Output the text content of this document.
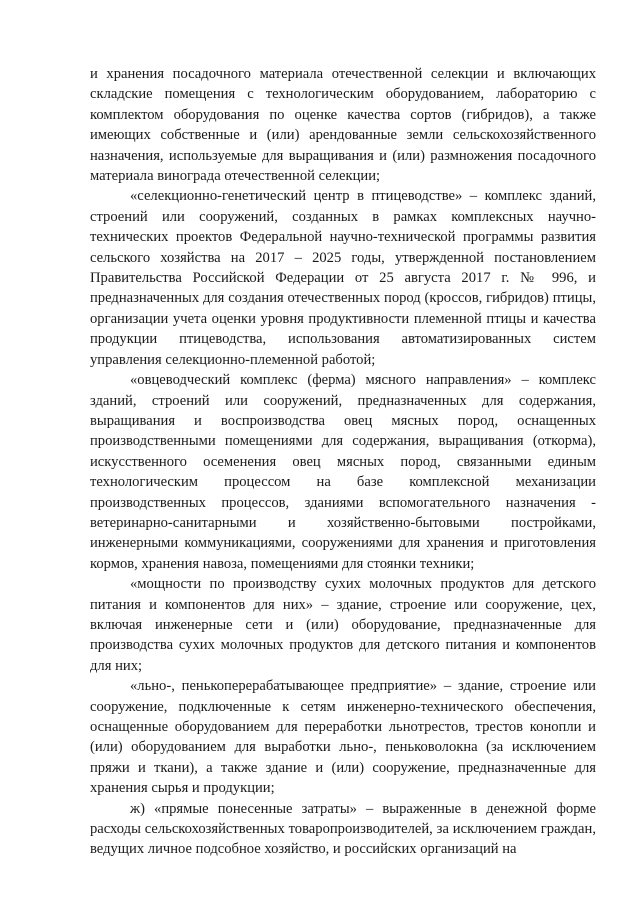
и хранения посадочного материала отечественной селекции и включающих складские помещения с технологическим оборудованием, лабораторию с комплектом оборудования по оценке качества сортов (гибридов), а также имеющих собственные и (или) арендованные земли сельскохозяйственного назначения, используемые для выращивания и (или) размножения посадочного материала винограда отечественной селекции;

«селекционно-генетический центр в птицеводстве» – комплекс зданий, строений или сооружений, созданных в рамках комплексных научно-технических проектов Федеральной научно-технической программы развития сельского хозяйства на 2017 – 2025 годы, утвержденной постановлением Правительства Российской Федерации от 25 августа 2017 г. № 996, и предназначенных для создания отечественных пород (кроссов, гибридов) птицы, организации учета оценки уровня продуктивности племенной птицы и качества продукции птицеводства, использования автоматизированных систем управления селекционно-племенной работой;

«овцеводческий комплекс (ферма) мясного направления» – комплекс зданий, строений или сооружений, предназначенных для содержания, выращивания и воспроизводства овец мясных пород, оснащенных производственными помещениями для содержания, выращивания (откорма), искусственного осеменения овец мясных пород, связанными единым технологическим процессом на базе комплексной механизации производственных процессов, зданиями вспомогательного назначения - ветеринарно-санитарными и хозяйственно-бытовыми постройками, инженерными коммуникациями, сооружениями для хранения и приготовления кормов, хранения навоза, помещениями для стоянки техники;

«мощности по производству сухих молочных продуктов для детского питания и компонентов для них» – здание, строение или сооружение, цех, включая инженерные сети и (или) оборудование, предназначенные для производства сухих молочных продуктов для детского питания и компонентов для них;

«льно-, пенькоперерабатывающее предприятие» – здание, строение или сооружение, подключенные к сетям инженерно-технического обеспечения, оснащенные оборудованием для переработки льнотрестов, трестов конопли и (или) оборудованием для выработки льно-, пеньковолокна (за исключением пряжи и ткани), а также здание и (или) сооружение, предназначенные для хранения сырья и продукции;

ж) «прямые понесенные затраты» – выраженные в денежной форме расходы сельскохозяйственных товаропроизводителей, за исключением граждан, ведущих личное подсобное хозяйство, и российских организаций на
